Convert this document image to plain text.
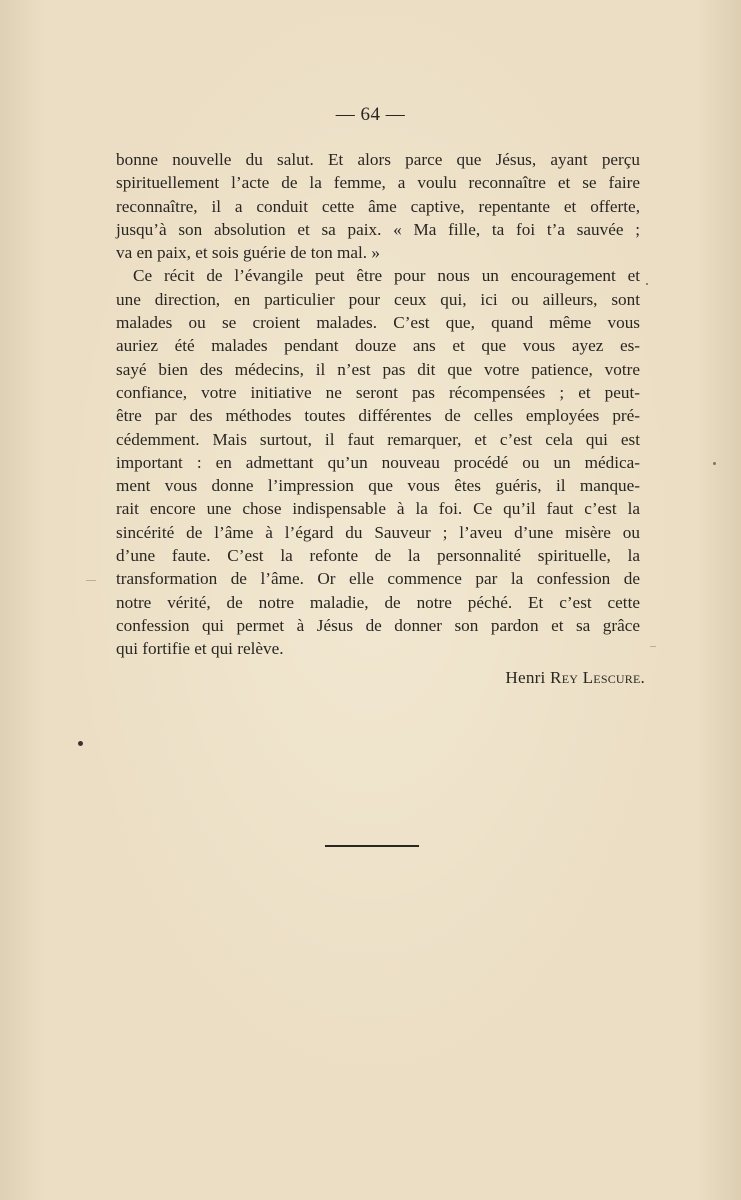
— 64 —
bonne nouvelle du salut. Et alors parce que Jésus, ayant perçu
spirituellement l’acte de la femme, a voulu reconnaître et se faire
reconnaître, il a conduit cette âme captive, repentante et offerte,
jusqu’à son absolution et sa paix. « Ma fille, ta foi t’a sauvée ;
va en paix, et sois guérie de ton mal. »
Ce récit de l’évangile peut être pour nous un encouragement et
une direction, en particulier pour ceux qui, ici ou ailleurs, sont
malades ou se croient malades. C’est que, quand même vous
auriez été malades pendant douze ans et que vous ayez es-
sayé bien des médecins, il n’est pas dit que votre patience, votre
confiance, votre initiative ne seront pas récompensées ; et peut-
être par des méthodes toutes différentes de celles employées pré-
cédemment. Mais surtout, il faut remarquer, et c’est cela qui est
important : en admettant qu’un nouveau procédé ou un médica-
ment vous donne l’impression que vous êtes guéris, il manque-
rait encore une chose indispensable à la foi. Ce qu’il faut c’est la
sincérité de l’âme à l’égard du Sauveur ; l’aveu d’une misère ou
d’une faute. C’est la refonte de la personnalité spirituelle, la
transformation de l’âme. Or elle commence par la confession de
notre vérité, de notre maladie, de notre péché. Et c’est cette
confession qui permet à Jésus de donner son pardon et sa grâce
qui fortifie et qui relève.
Henri Rey Lescure.
